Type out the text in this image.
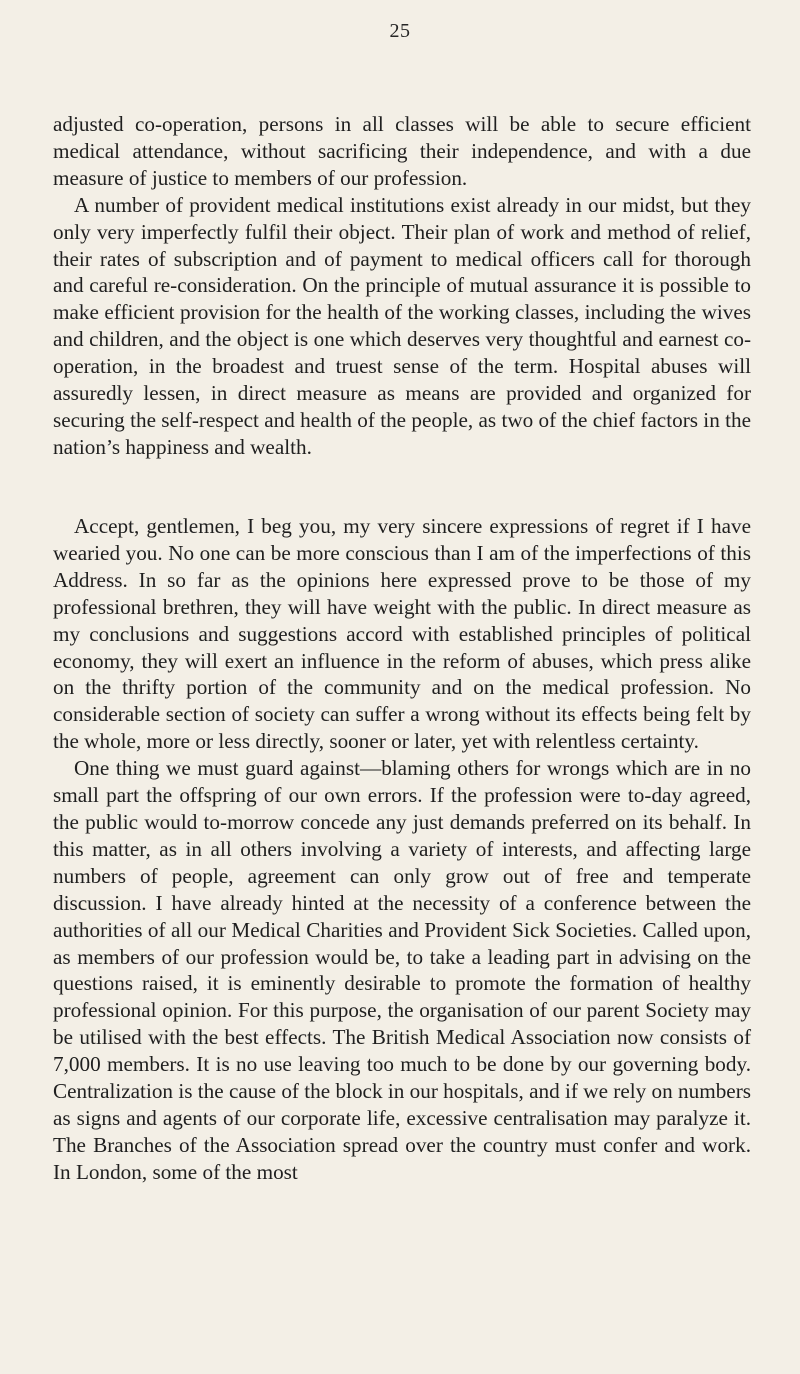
25

adjusted co-operation, persons in all classes will be able to secure efficient medical attendance, without sacrificing their independence, and with a due measure of justice to members of our profession.

A number of provident medical institutions exist already in our midst, but they only very imperfectly fulfil their object. Their plan of work and method of relief, their rates of subscription and of payment to medical officers call for thorough and careful re-consideration. On the principle of mutual assurance it is possible to make efficient provision for the health of the working classes, including the wives and children, and the object is one which deserves very thoughtful and earnest co-operation, in the broadest and truest sense of the term. Hospital abuses will assuredly lessen, in direct measure as means are provided and organized for securing the self-respect and health of the people, as two of the chief factors in the nation’s happiness and wealth.

Accept, gentlemen, I beg you, my very sincere expressions of regret if I have wearied you. No one can be more conscious than I am of the imperfections of this Address. In so far as the opinions here expressed prove to be those of my professional brethren, they will have weight with the public. In direct measure as my conclusions and suggestions accord with established principles of political economy, they will exert an influence in the reform of abuses, which press alike on the thrifty portion of the community and on the medical profession. No considerable section of society can suffer a wrong without its effects being felt by the whole, more or less directly, sooner or later, yet with relentless certainty.

One thing we must guard against—blaming others for wrongs which are in no small part the offspring of our own errors. If the profession were to-day agreed, the public would to-morrow concede any just demands preferred on its behalf. In this matter, as in all others involving a variety of interests, and affecting large numbers of people, agreement can only grow out of free and temperate discussion. I have already hinted at the necessity of a conference between the authorities of all our Medical Charities and Provident Sick Societies. Called upon, as members of our profession would be, to take a leading part in advising on the questions raised, it is eminently desirable to promote the formation of healthy professional opinion. For this purpose, the organisation of our parent Society may be utilised with the best effects. The British Medical Association now consists of 7,000 members. It is no use leaving too much to be done by our governing body. Centralization is the cause of the block in our hospitals, and if we rely on numbers as signs and agents of our corporate life, excessive centralisation may paralyze it. The Branches of the Association spread over the country must confer and work. In London, some of the most
